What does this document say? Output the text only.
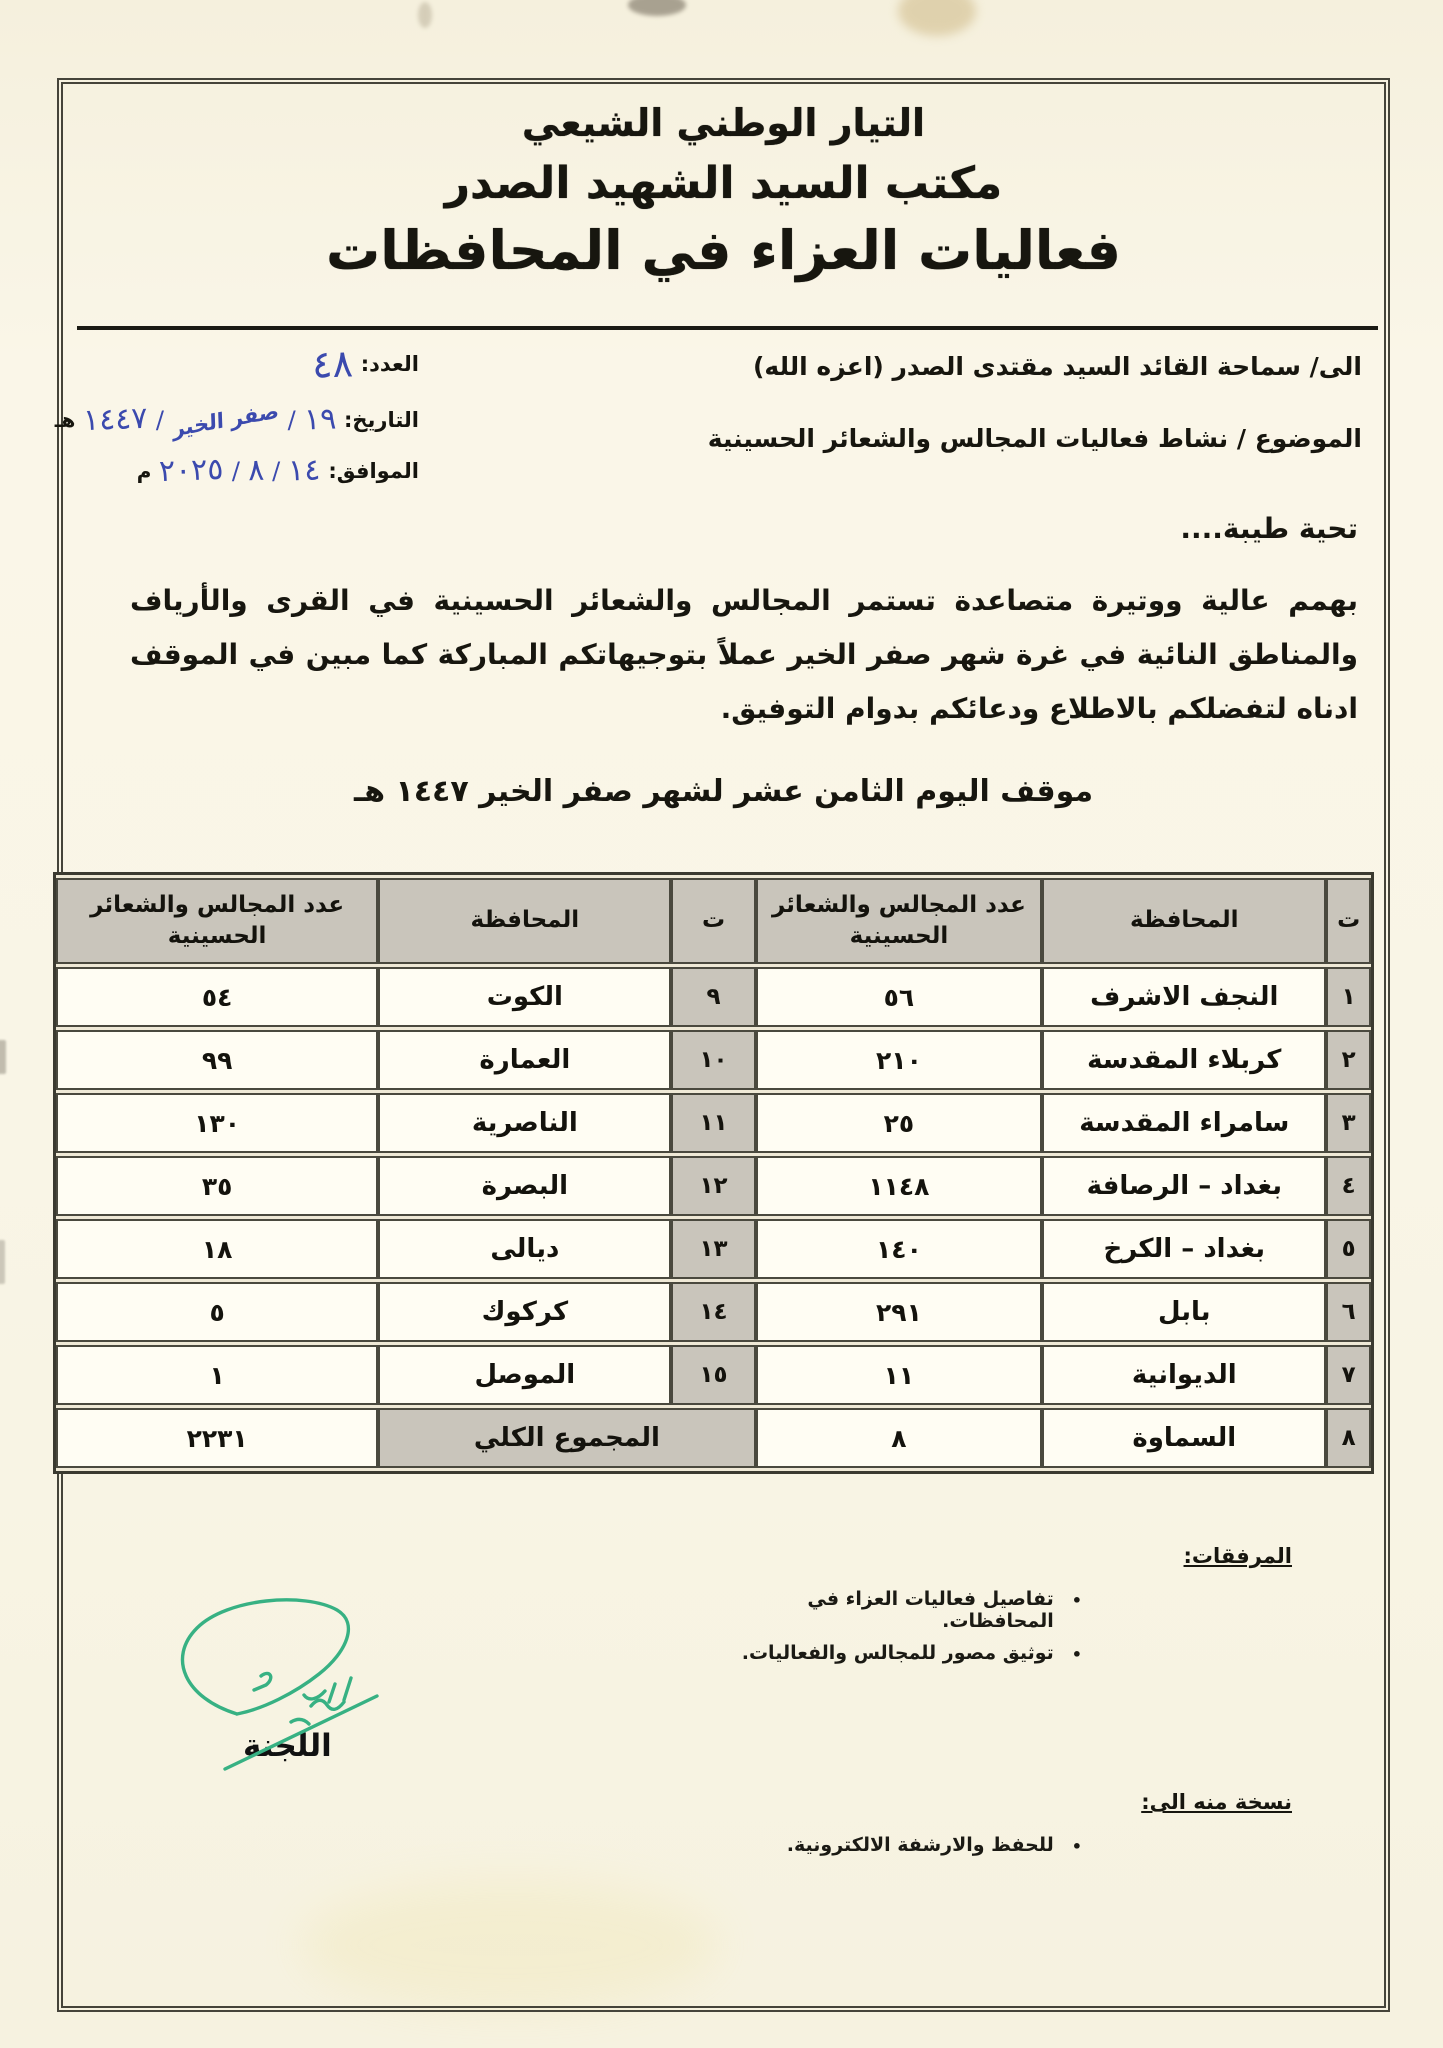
التيار الوطني الشيعي
مكتب السيد الشهيد الصدر
فعاليات العزاء في المحافظات
الى/ سماحة القائد السيد مقتدى الصدر (اعزه الله)
العدد:
٤٨
التاريخ:
١٩
/
صفر الخير
/
١٤٤٧
هـ
الموافق:
١٤
/
٨
/
٢٠٢٥
م
الموضوع / نشاط فعاليات المجالس والشعائر الحسينية
تحية طيبة....
بهمم عالية ووتيرة متصاعدة تستمر المجالس والشعائر الحسينية في القرى والأرياف والمناطق النائية في غرة شهر صفر الخير عملاً بتوجيهاتكم المباركة كما مبين في الموقف ادناه لتفضلكم بالاطلاع ودعائكم بدوام التوفيق.
موقف اليوم الثامن عشر لشهر صفر الخير ١٤٤٧ هـ
ت	المحافظة	عدد المجالس والشعائر الحسينية	ت	المحافظة	عدد المجالس والشعائر الحسينية
١	النجف الاشرف	٥٦	٩	الكوت	٥٤
٢	كربلاء المقدسة	٢١٠	١٠	العمارة	٩٩
٣	سامراء المقدسة	٢٥	١١	الناصرية	١٣٠
٤	بغداد – الرصافة	١١٤٨	١٢	البصرة	٣٥
٥	بغداد – الكرخ	١٤٠	١٣	ديالى	١٨
٦	بابل	٢٩١	١٤	كركوك	٥
٧	الديوانية	١١	١٥	الموصل	١
٨	السماوة	٨	المجموع الكلي		٢٢٣١
المرفقات:
•
تفاصيل فعاليات العزاء في المحافظات.
•
توثيق مصور للمجالس والفعاليات.
اللجنة
نسخة منه الى:
•
للحفظ والارشفة الالكترونية.
